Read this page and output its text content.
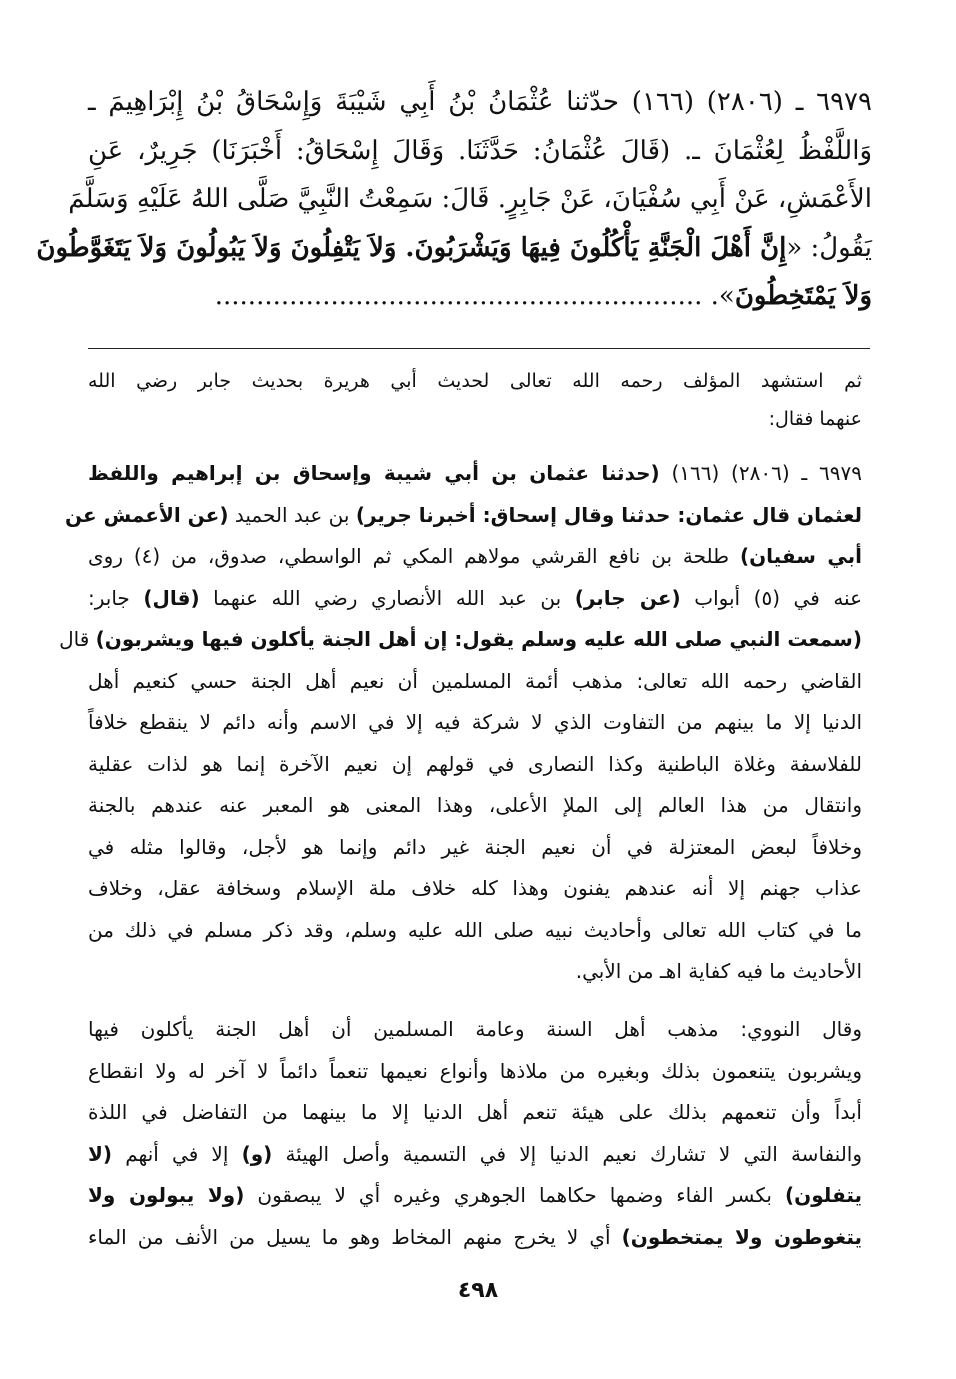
٦٩٧٩ ـ (٢٨٠٦) (١٦٦) حدّثنا عُثْمَانُ بْنُ أَبِي شَيْبَةَ وَإِسْحَاقُ بْنُ إِبْرَاهِيمَ ـ
وَاللَّفْظُ لِعُثْمَانَ ـ. (قَالَ عُثْمَانُ: حَدَّثَنَا. وَقَالَ إِسْحَاقُ: أَخْبَرَنَا) جَرِيرٌ، عَنِ
الأَعْمَشِ، عَنْ أَبِي سُفْيَانَ، عَنْ جَابِرٍ. قَالَ: سَمِعْتُ النَّبِيَّ صَلَّى اللهُ عَلَيْهِ وَسَلَّمَ
يَقُولُ: «إِنَّ أَهْلَ الْجَنَّةِ يَأْكُلُونَ فِيهَا وَيَشْرَبُونَ. وَلاَ يَتْفِلُونَ وَلاَ يَبُولُونَ وَلاَ يَتَغَوَّطُونَ
وَلاَ يَمْتَخِطُونَ». ...........................................................
ثم استشهد المؤلف رحمه الله تعالى لحديث أبي هريرة بحديث جابر رضي الله
عنهما فقال:
٦٩٧٩ ـ (٢٨٠٦) (١٦٦) (حدثنا عثمان بن أبي شيبة وإسحاق بن إبراهيم واللفظ
لعثمان قال عثمان: حدثنا وقال إسحاق: أخبرنا جرير) بن عبد الحميد (عن الأعمش عن
أبي سفيان) طلحة بن نافع القرشي مولاهم المكي ثم الواسطي، صدوق، من (٤) روى
عنه في (٥) أبواب (عن جابر) بن عبد الله الأنصاري رضي الله عنهما (قال) جابر:
(سمعت النبي صلى الله عليه وسلم يقول: إن أهل الجنة يأكلون فيها ويشربون) قال
القاضي رحمه الله تعالى: مذهب أئمة المسلمين أن نعيم أهل الجنة حسي كنعيم أهل
الدنيا إلا ما بينهم من التفاوت الذي لا شركة فيه إلا في الاسم وأنه دائم لا ينقطع خلافاً
للفلاسفة وغلاة الباطنية وكذا النصارى في قولهم إن نعيم الآخرة إنما هو لذات عقلية
وانتقال من هذا العالم إلى الملإ الأعلى، وهذا المعنى هو المعبر عنه عندهم بالجنة
وخلافاً لبعض المعتزلة في أن نعيم الجنة غير دائم وإنما هو لأجل، وقالوا مثله في
عذاب جهنم إلا أنه عندهم يفنون وهذا كله خلاف ملة الإسلام وسخافة عقل، وخلاف
ما في كتاب الله تعالى وأحاديث نبيه صلى الله عليه وسلم، وقد ذكر مسلم في ذلك من
الأحاديث ما فيه كفاية اهـ من الأبي.
وقال النووي: مذهب أهل السنة وعامة المسلمين أن أهل الجنة يأكلون فيها
ويشربون يتنعمون بذلك وبغيره من ملاذها وأنواع نعيمها تنعماً دائماً لا آخر له ولا انقطاع
أبداً وأن تنعمهم بذلك على هيئة تنعم أهل الدنيا إلا ما بينهما من التفاضل في اللذة
والنفاسة التي لا تشارك نعيم الدنيا إلا في التسمية وأصل الهيئة (و) إلا في أنهم (لا
يتفلون) بكسر الفاء وضمها حكاهما الجوهري وغيره أي لا يبصقون (ولا يبولون ولا
يتغوطون ولا يمتخطون) أي لا يخرج منهم المخاط وهو ما يسيل من الأنف من الماء
٤٩٨
